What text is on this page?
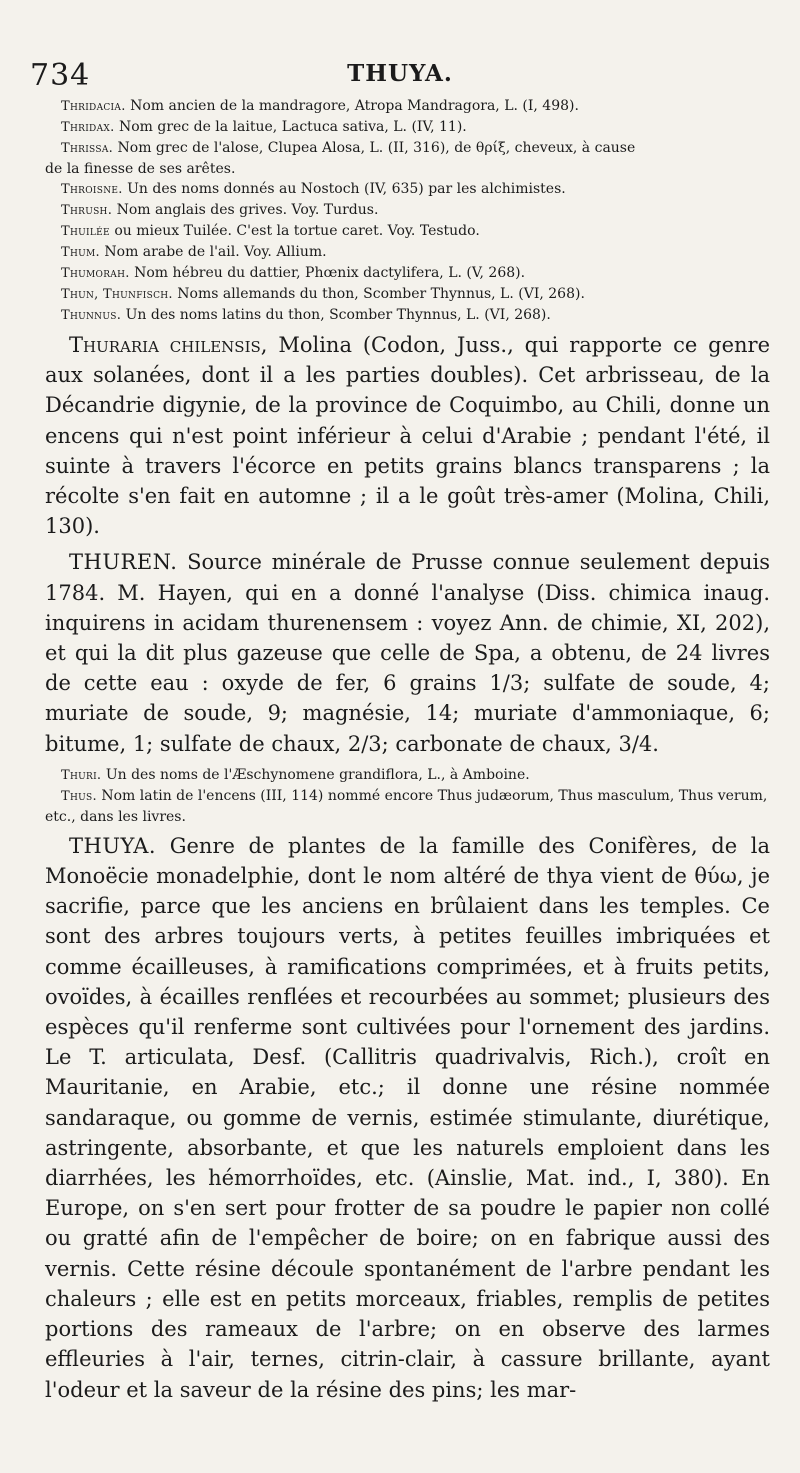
734	THUYA.

Thridacia. Nom ancien de la mandragore, Atropa Mandragora, L. (I, 498).

Thridax. Nom grec de la laitue, Lactuca sativa, L. (IV, 11).

Thrissa. Nom grec de l'alose, Clupea Alosa, L. (II, 316), de θρίξ, cheveux, à cause

de la finesse de ses arêtes.

Throisne. Un des noms donnés au Nostoch (IV, 635) par les alchimistes.

Thrush. Nom anglais des grives. Voy. Turdus.

Thuilée ou mieux Tuilée. C'est la tortue caret. Voy. Testudo.

Thum. Nom arabe de l'ail. Voy. Allium.

Thumorah. Nom hébreu du dattier, Phœnix dactylifera, L. (V, 268).

Thun, Thunfisch. Noms allemands du thon, Scomber Thynnus, L. (VI, 268).

Thunnus. Un des noms latins du thon, Scomber Thynnus, L. (VI, 268).

Thuraria chilensis, Molina (Codon, Juss., qui rapporte ce genre aux solanées, dont il a les parties doubles). Cet arbrisseau, de la Décandrie digynie, de la province de Coquimbo, au Chili, donne un encens qui n'est point inférieur à celui d'Arabie ; pendant l'été, il suinte à travers l'écorce en petits grains blancs transparens ; la récolte s'en fait en automne ; il a le goût très-amer (Molina, Chili, 130).

THUREN. Source minérale de Prusse connue seulement depuis 1784. M. Hayen, qui en a donné l'analyse (Diss. chimica inaug. inquirens in acidam thurenensem : voyez Ann. de chimie, XI, 202), et qui la dit plus gazeuse que celle de Spa, a obtenu, de 24 livres de cette eau : oxyde de fer, 6 grains 1/3; sulfate de soude, 4; muriate de soude, 9; magnésie, 14; muriate d'ammoniaque, 6; bitume, 1; sulfate de chaux, 2/3; carbonate de chaux, 3/4.

Thuri. Un des noms de l'Æschynomene grandiflora, L., à Amboine.

Thus. Nom latin de l'encens (III, 114) nommé encore Thus judæorum, Thus masculum, Thus verum, etc., dans les livres.

THUYA. Genre de plantes de la famille des Conifères, de la Monoëcie monadelphie, dont le nom altéré de thya vient de θύω, je sacrifie, parce que les anciens en brûlaient dans les temples. Ce sont des arbres toujours verts, à petites feuilles imbriquées et comme écailleuses, à ramifications comprimées, et à fruits petits, ovoïdes, à écailles renflées et recourbées au sommet; plusieurs des espèces qu'il renferme sont cultivées pour l'ornement des jardins. Le T. articulata, Desf. (Callitris quadrivalvis, Rich.), croît en Mauritanie, en Arabie, etc.; il donne une résine nommée sandaraque, ou gomme de vernis, estimée stimulante, diurétique, astringente, absorbante, et que les naturels emploient dans les diarrhées, les hémorrhoïdes, etc. (Ainslie, Mat. ind., I, 380). En Europe, on s'en sert pour frotter de sa poudre le papier non collé ou gratté afin de l'empêcher de boire; on en fabrique aussi des vernis. Cette résine découle spontanément de l'arbre pendant les chaleurs ; elle est en petits morceaux, friables, remplis de petites portions des rameaux de l'arbre; on en observe des larmes effleuries à l'air, ternes, citrin-clair, à cassure brillante, ayant l'odeur et la saveur de la résine des pins; les mar-
